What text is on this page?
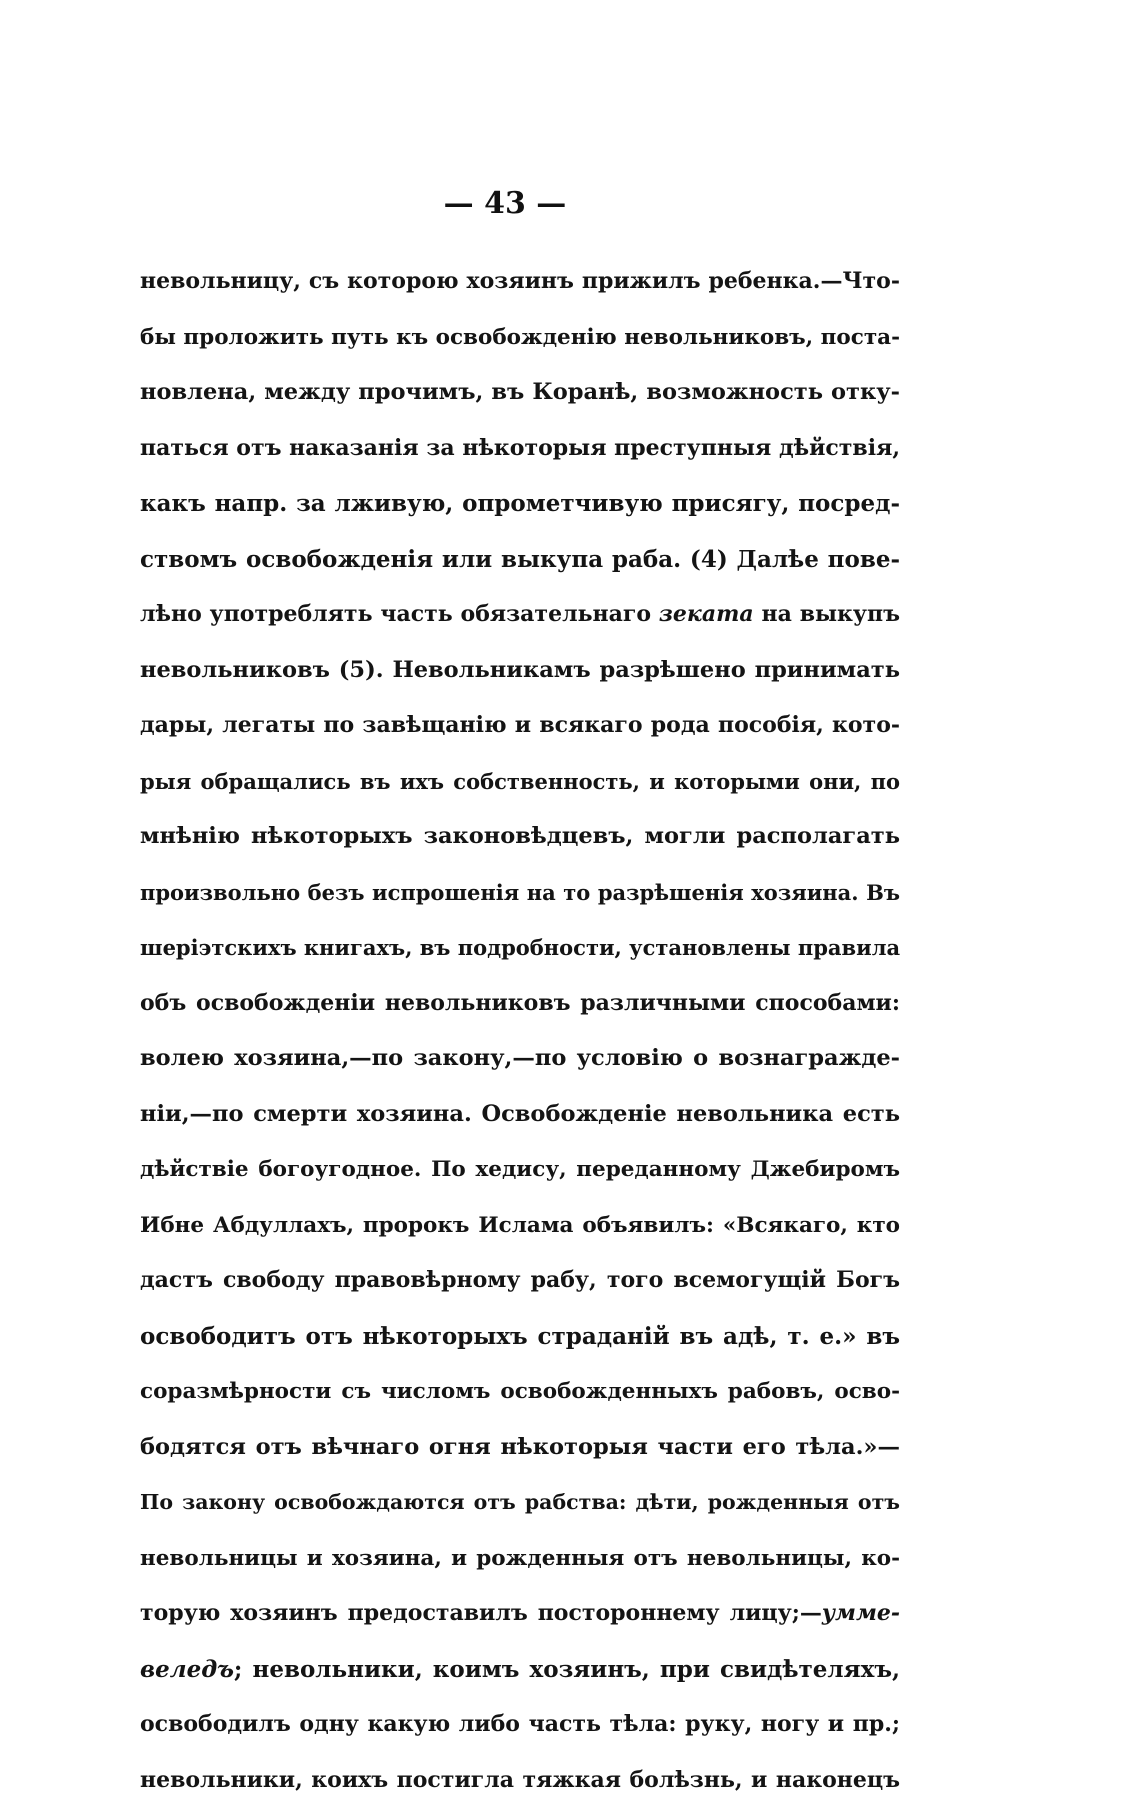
— 43 —
невольницу, съ которою хозяинъ прижилъ ребенка.—Что-
бы проложить путь къ освобожденію невольниковъ, поста-
новлена, между прочимъ, въ Коранѣ, возможность отку-
паться отъ наказанія за нѣкоторыя преступныя дѣйствія,
какъ напр. за лживую, опрометчивую присягу, посред-
ствомъ освобожденія или выкупа раба. (4) Далѣе пове-
лѣно употреблять часть обязательнаго зеката на выкупъ
невольниковъ (5). Невольникамъ разрѣшено принимать
дары, легаты по завѣщанію и всякаго рода пособія, кото-
рыя обращались въ ихъ собственность, и которыми они, по
мнѣнію нѣкоторыхъ законовѣдцевъ, могли располагать
произвольно безъ испрошенія на то разрѣшенія хозяина. Въ
шеріэтскихъ книгахъ, въ подробности, установлены правила
объ освобожденіи невольниковъ различными способами:
волею хозяина,—по закону,—по условію о вознагражде-
ніи,—по смерти хозяина. Освобожденіе невольника есть
дѣйствіе богоугодное. По хедису, переданному Джебиромъ
Ибне Абдуллахъ, пророкъ Ислама объявилъ: «Всякаго, кто
дастъ свободу правовѣрному рабу, того всемогущій Богъ
освободитъ отъ нѣкоторыхъ страданій въ адѣ, т. е.» въ
соразмѣрности съ числомъ освобожденныхъ рабовъ, осво-
бодятся отъ вѣчнаго огня нѣкоторыя части его тѣла.»—
По закону освобождаются отъ рабства: дѣти, рожденныя отъ
невольницы и хозяина, и рожденныя отъ невольницы, ко-
торую хозяинъ предоставилъ постороннему лицу;—умме-
веледъ; невольники, коимъ хозяинъ, при свидѣтеляхъ,
освободилъ одну какую либо часть тѣла: руку, ногу и пр.;
невольники, коихъ постигла тяжкая болѣзнь, и наконецъ
